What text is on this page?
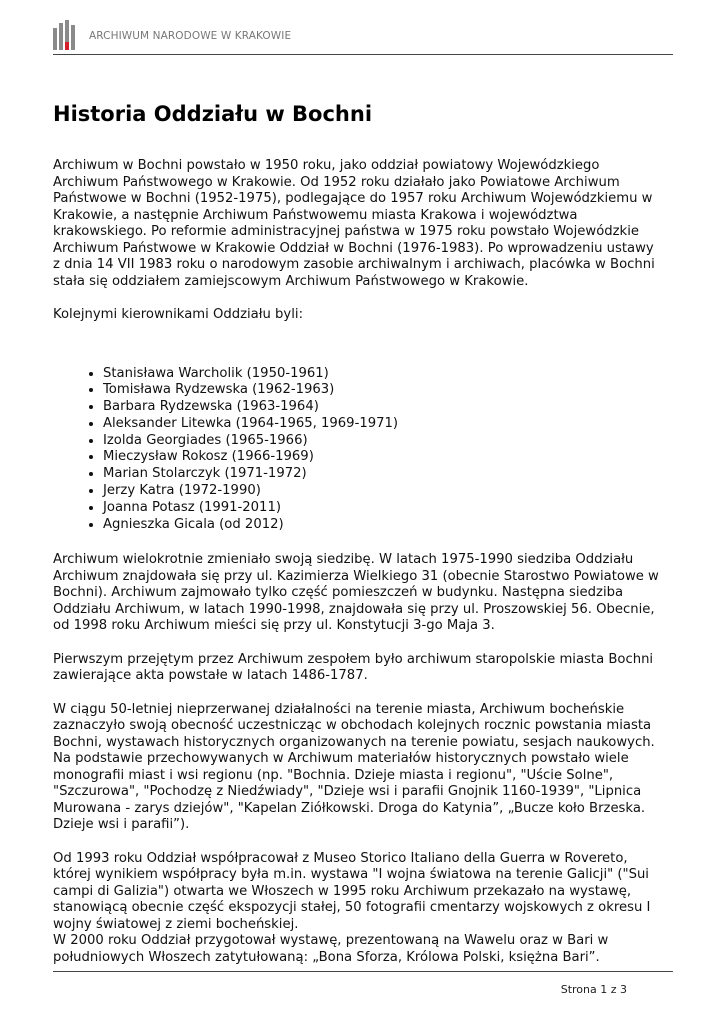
ARCHIWUM NARODOWE W KRAKOWIE
Historia Oddziału w Bochni

Archiwum w Bochni powstało w 1950 roku, jako oddział powiatowy Wojewódzkiego
Archiwum Państwowego w Krakowie. Od 1952 roku działało jako Powiatowe Archiwum
Państwowe w Bochni (1952-1975), podlegające do 1957 roku Archiwum Wojewódzkiemu w
Krakowie, a następnie Archiwum Państwowemu miasta Krakowa i województwa
krakowskiego. Po reformie administracyjnej państwa w 1975 roku powstało Wojewódzkie
Archiwum Państwowe w Krakowie Oddział w Bochni (1976-1983). Po wprowadzeniu ustawy
z dnia 14 VII 1983 roku o narodowym zasobie archiwalnym i archiwach, placówka w Bochni
stała się oddziałem zamiejscowym Archiwum Państwowego w Krakowie.

Kolejnymi kierownikami Oddziału byli:

• Stanisława Warcholik (1950-1961)
• Tomisława Rydzewska (1962-1963)
• Barbara Rydzewska (1963-1964)
• Aleksander Litewka (1964-1965, 1969-1971)
• Izolda Georgiades (1965-1966)
• Mieczysław Rokosz (1966-1969)
• Marian Stolarczyk (1971-1972)
• Jerzy Katra (1972-1990)
• Joanna Potasz (1991-2011)
• Agnieszka Gicala (od 2012)

Archiwum wielokrotnie zmieniało swoją siedzibę. W latach 1975-1990 siedziba Oddziału
Archiwum znajdowała się przy ul. Kazimierza Wielkiego 31 (obecnie Starostwo Powiatowe w
Bochni). Archiwum zajmowało tylko część pomieszczeń w budynku. Następna siedziba
Oddziału Archiwum, w latach 1990-1998, znajdowała się przy ul. Proszowskiej 56. Obecnie,
od 1998 roku Archiwum mieści się przy ul. Konstytucji 3-go Maja 3.

Pierwszym przejętym przez Archiwum zespołem było archiwum staropolskie miasta Bochni
zawierające akta powstałe w latach 1486-1787.

W ciągu 50-letniej nieprzerwanej działalności na terenie miasta, Archiwum bocheńskie
zaznaczyło swoją obecność uczestnicząc w obchodach kolejnych rocznic powstania miasta
Bochni, wystawach historycznych organizowanych na terenie powiatu, sesjach naukowych.
Na podstawie przechowywanych w Archiwum materiałów historycznych powstało wiele
monografii miast i wsi regionu (np. "Bochnia. Dzieje miasta i regionu", "Uście Solne",
"Szczurowa", "Pochodzę z Niedźwiady", "Dzieje wsi i parafii Gnojnik 1160-1939", "Lipnica
Murowana - zarys dziejów", "Kapelan Ziółkowski. Droga do Katynia”, „Bucze koło Brzeska.
Dzieje wsi i parafii”).

Od 1993 roku Oddział współpracował z Museo Storico Italiano della Guerra w Rovereto,
której wynikiem współpracy była m.in. wystawa "I wojna światowa na terenie Galicji" ("Sui
campi di Galizia") otwarta we Włoszech w 1995 roku Archiwum przekazało na wystawę,
stanowiącą obecnie część ekspozycji stałej, 50 fotografii cmentarzy wojskowych z okresu I
wojny światowej z ziemi bocheńskiej.
W 2000 roku Oddział przygotował wystawę, prezentowaną na Wawelu oraz w Bari w
południowych Włoszech zatytułowaną: „Bona Sforza, Królowa Polski, księżna Bari”.

Strona 1 z 3
